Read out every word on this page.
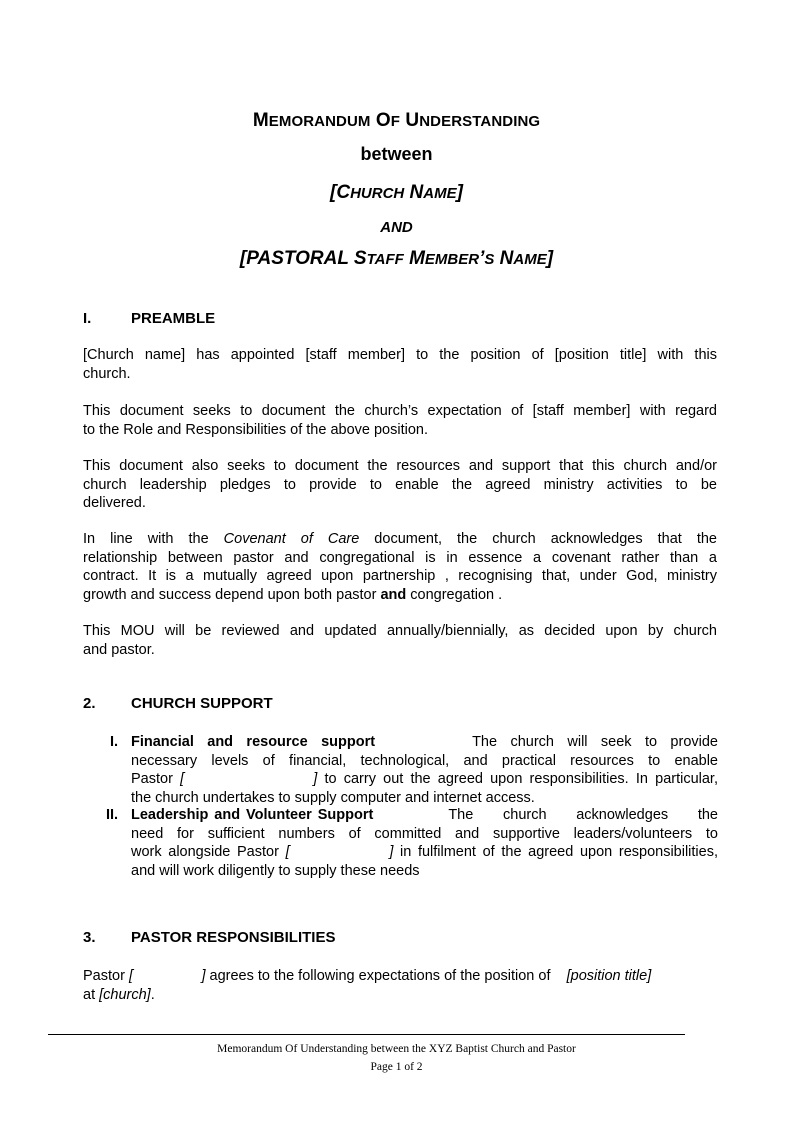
MEMORANDUM OF UNDERSTANDING
between
[CHURCH NAME]
AND
[PASTORAL STAFF MEMBER’S NAME]
I.	PREAMBLE
[Church name] has appointed [staff member] to the position of [position title] with this
church.
This document seeks to document the church’s expectation of [staff member] with regard
to the Role and Responsibilities of the above position.
This document also seeks to document the resources and support that this church and/or
church leadership pledges to provide to enable the agreed ministry activities to be
delivered.
In line with the Covenant of Care document, the church acknowledges that the
relationship between pastor and congregational is in essence a covenant rather than a
contract. It is a mutually agreed upon partnership , recognising that, under God, ministry
growth and success depend upon both pastor and congregation .
This MOU will be reviewed and updated annually/biennially, as decided upon by church
and pastor.
2. CHURCH SUPPORT
I. Financial and resource support	The church will seek to provide
necessary levels of financial, technological, and practical resources to enable
Pastor [                  ] to carry out the agreed upon responsibilities. In particular,
the church undertakes to supply computer and internet access.
II. Leadership and Volunteer Support	The     church     acknowledges     the
need for sufficient numbers of committed and supportive leaders/volunteers to
work alongside Pastor [               ] in fulfilment of the agreed upon responsibilities,
and will work diligently to supply these needs
3. PASTOR RESPONSIBILITIES
Pastor [                 ] agrees to the following expectations of the position of    [position title]
at [church].
Memorandum Of Understanding between the XYZ Baptist Church and Pastor
Page 1 of 2
